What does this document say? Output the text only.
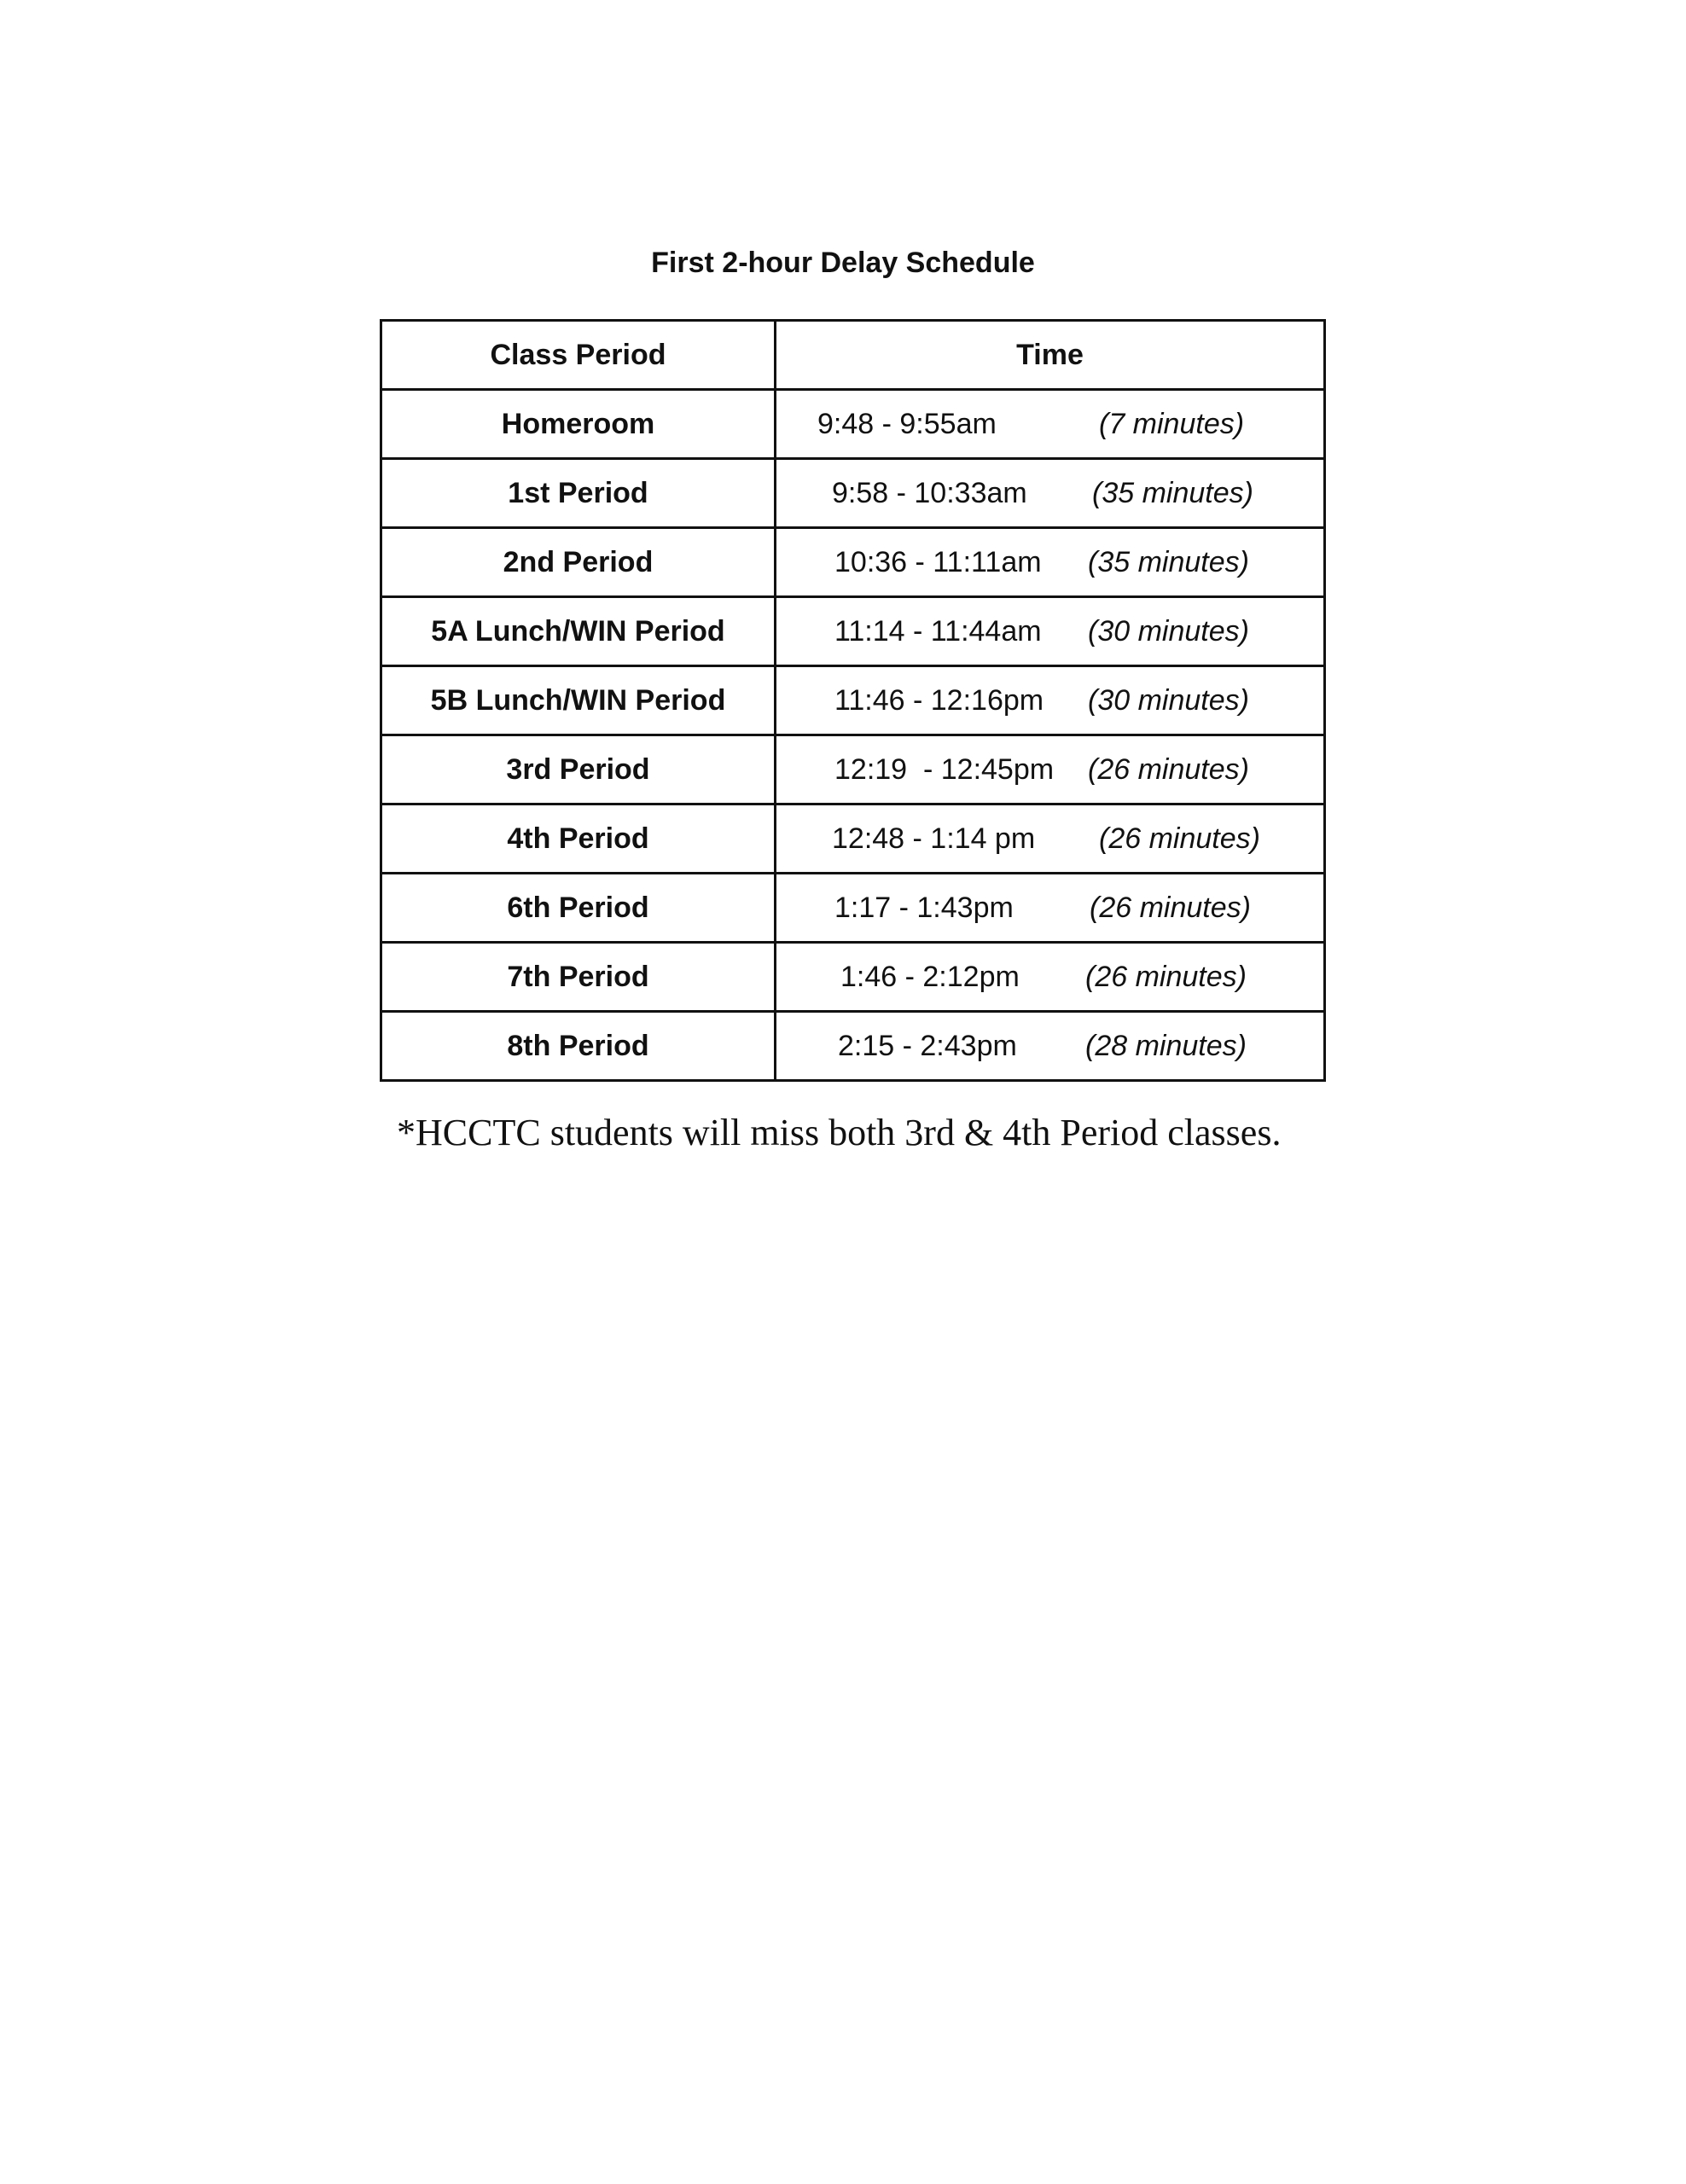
First 2-hour Delay Schedule
Class Period	Time
Homeroom	9:48 - 9:55am (7 minutes)

1st Period	9:58 - 10:33am (35 minutes)

2nd Period	10:36 - 11:11am (35 minutes)

5A Lunch/WIN Period	11:14 - 11:44am (30 minutes)

5B Lunch/WIN Period	11:46 - 12:16pm (30 minutes)

3rd Period	12:19  - 12:45pm (26 minutes)

4th Period	12:48 - 1:14 pm (26 minutes)

6th Period	1:17 - 1:43pm (26 minutes)

7th Period	1:46 - 2:12pm (26 minutes)

8th Period	2:15 - 2:43pm (28 minutes)
*HCCTC students will miss both 3rd & 4th Period classes.
